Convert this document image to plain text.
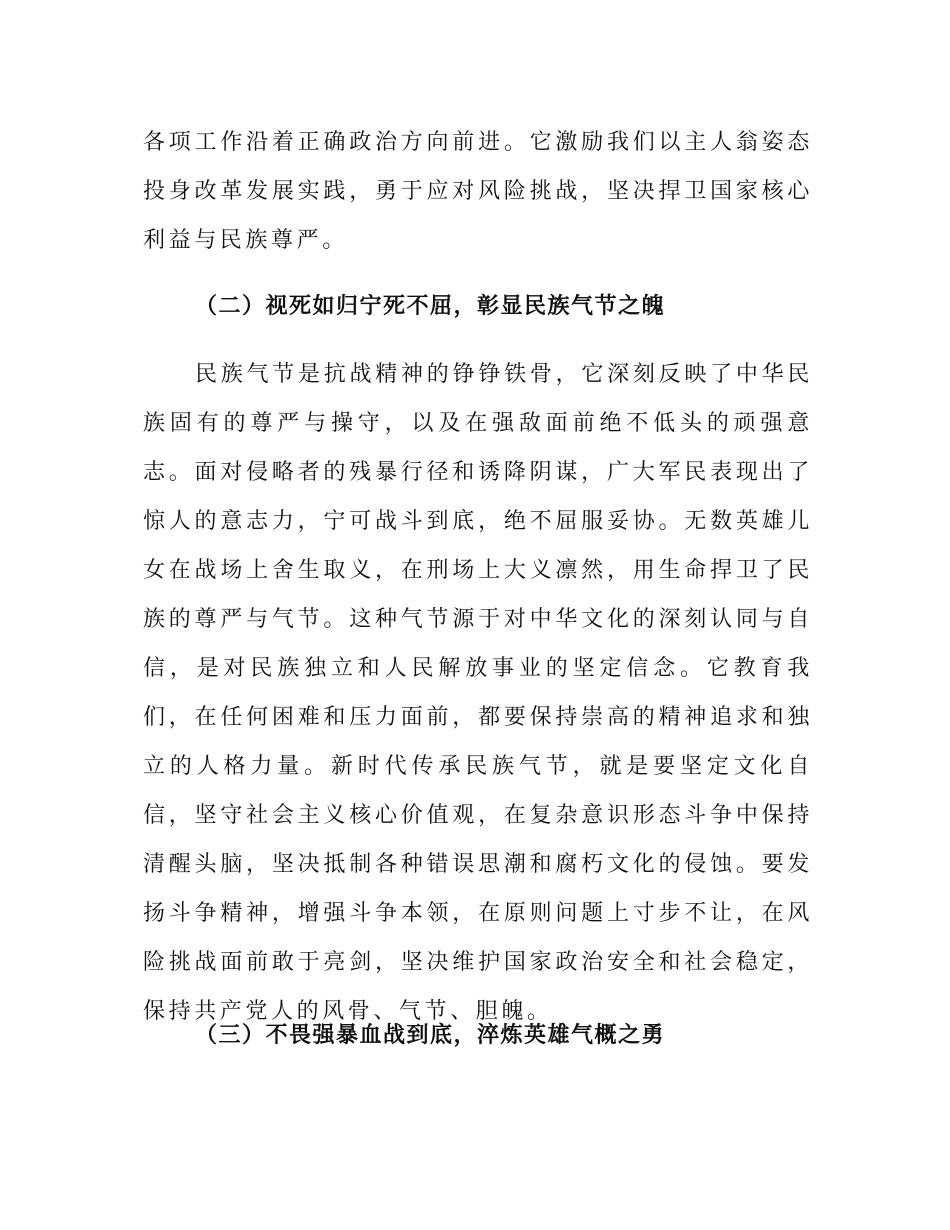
各项工作沿着正确政治方向前进。它激励我们以主人翁姿态投身改革发展实践，勇于应对风险挑战，坚决捍卫国家核心利益与民族尊严。

（二）视死如归宁死不屈，彰显民族气节之魄

民族气节是抗战精神的铮铮铁骨，它深刻反映了中华民族固有的尊严与操守，以及在强敌面前绝不低头的顽强意志。面对侵略者的残暴行径和诱降阴谋，广大军民表现出了惊人的意志力，宁可战斗到底，绝不屈服妥协。无数英雄儿女在战场上舍生取义，在刑场上大义凛然，用生命捍卫了民族的尊严与气节。这种气节源于对中华文化的深刻认同与自信，是对民族独立和人民解放事业的坚定信念。它教育我们，在任何困难和压力面前，都要保持崇高的精神追求和独立的人格力量。新时代传承民族气节，就是要坚定文化自信，坚守社会主义核心价值观，在复杂意识形态斗争中保持清醒头脑，坚决抵制各种错误思潮和腐朽文化的侵蚀。要发扬斗争精神，增强斗争本领，在原则问题上寸步不让，在风险挑战面前敢于亮剑，坚决维护国家政治安全和社会稳定，保持共产党人的风骨、气节、胆魄。

（三）不畏强暴血战到底，淬炼英雄气概之勇
